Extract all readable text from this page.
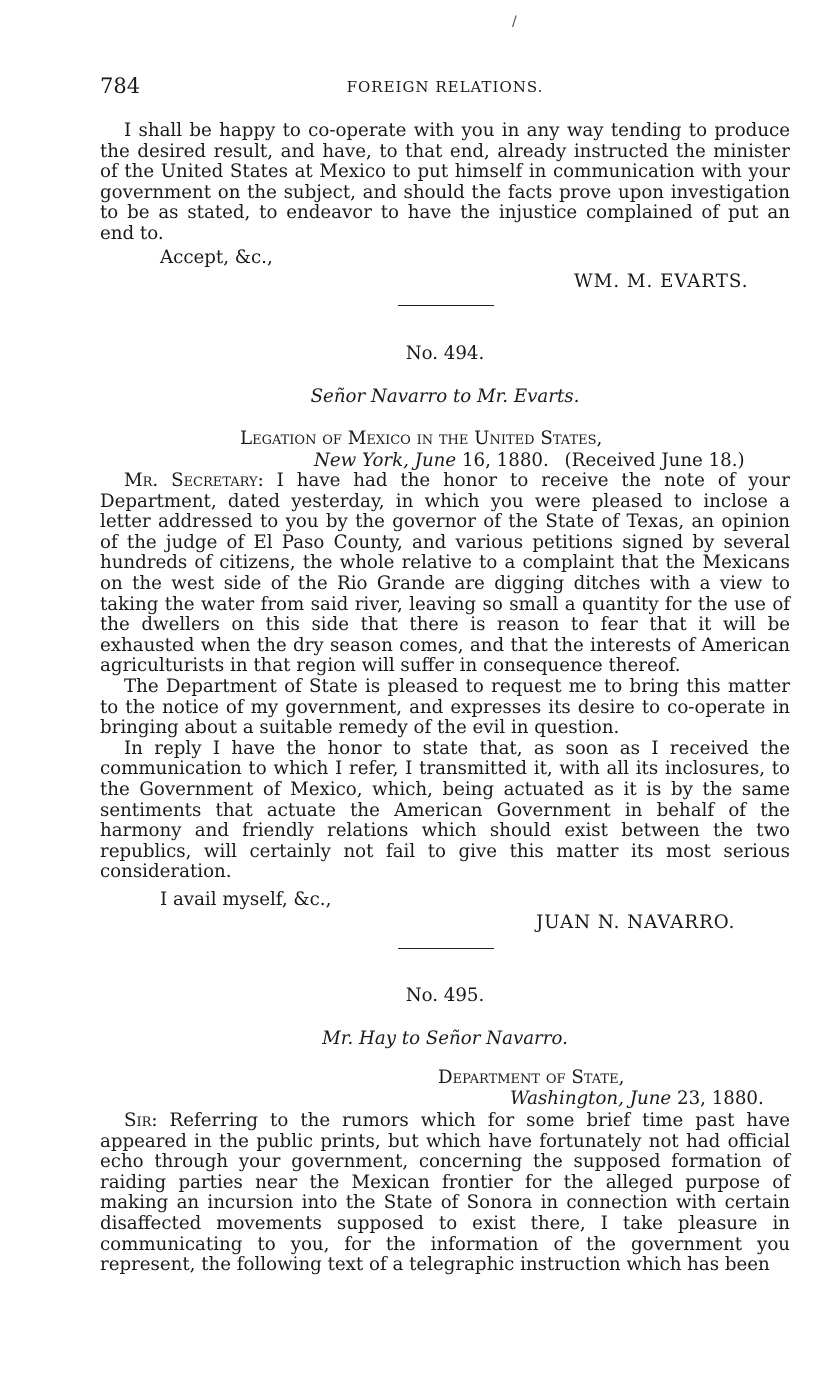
/
784	FOREIGN RELATIONS.

I shall be happy to co-operate with you in any way tending to produce the desired result, and have, to that end, already instructed the minister of the United States at Mexico to put himself in communication with your government on the subject, and should the facts prove upon investigation to be as stated, to endeavor to have the injustice complained of put an end to.

Accept, &c.,
WM. M. EVARTS.
No. 494.
Señor Navarro to Mr. Evarts.
Legation of Mexico in the United States,
New York, June 16, 1880. (Received June 18.)

Mr. Secretary: I have had the honor to receive the note of your Department, dated yesterday, in which you were pleased to inclose a letter addressed to you by the governor of the State of Texas, an opinion of the judge of El Paso County, and various petitions signed by several hundreds of citizens, the whole relative to a complaint that the Mexicans on the west side of the Rio Grande are digging ditches with a view to taking the water from said river, leaving so small a quantity for the use of the dwellers on this side that there is reason to fear that it will be exhausted when the dry season comes, and that the interests of American agriculturists in that region will suffer in consequence thereof.

The Department of State is pleased to request me to bring this matter to the notice of my government, and expresses its desire to co-operate in bringing about a suitable remedy of the evil in question.

In reply I have the honor to state that, as soon as I received the communication to which I refer, I transmitted it, with all its inclosures, to the Government of Mexico, which, being actuated as it is by the same sentiments that actuate the American Government in behalf of the harmony and friendly relations which should exist between the two republics, will certainly not fail to give this matter its most serious consideration.

I avail myself, &c.,
JUAN N. NAVARRO.
No. 495.
Mr. Hay to Señor Navarro.
Department of State,
Washington, June 23, 1880.

Sir: Referring to the rumors which for some brief time past have appeared in the public prints, but which have fortunately not had official echo through your government, concerning the supposed formation of raiding parties near the Mexican frontier for the alleged purpose of making an incursion into the State of Sonora in connection with certain disaffected movements supposed to exist there, I take pleasure in communicating to you, for the information of the government you represent, the following text of a telegraphic instruction which has been
